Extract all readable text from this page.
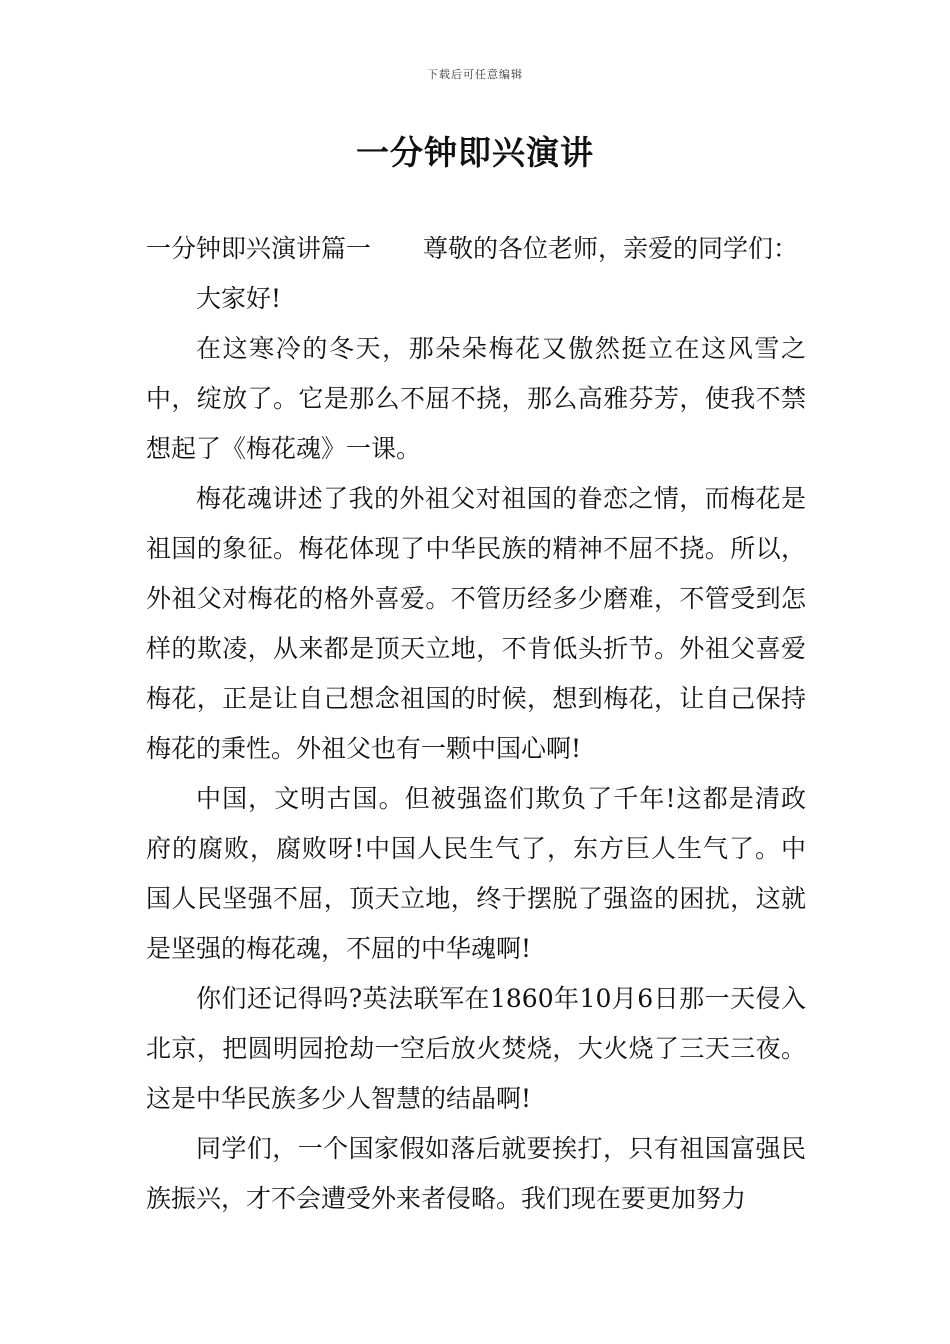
下载后可任意编辑
一分钟即兴演讲

一分钟即兴演讲篇一 尊敬的各位老师，亲爱的同学们：

大家好!

在这寒冷的冬天，那朵朵梅花又傲然挺立在这风雪之中，绽放了。它是那么不屈不挠，那么高雅芬芳，使我不禁想起了《梅花魂》一课。

梅花魂讲述了我的外祖父对祖国的眷恋之情，而梅花是祖国的象征。梅花体现了中华民族的精神不屈不挠。所以，外祖父对梅花的格外喜爱。不管历经多少磨难，不管受到怎样的欺凌，从来都是顶天立地，不肯低头折节。外祖父喜爱梅花，正是让自己想念祖国的时候，想到梅花，让自己保持梅花的秉性。外祖父也有一颗中国心啊!

中国，文明古国。但被强盗们欺负了千年!这都是清政府的腐败，腐败呀!中国人民生气了，东方巨人生气了。中国人民坚强不屈，顶天立地，终于摆脱了强盗的困扰，这就是坚强的梅花魂，不屈的中华魂啊!

你们还记得吗?英法联军在1860年10月6日那一天侵入北京，把圆明园抢劫一空后放火焚烧，大火烧了三天三夜。这是中华民族多少人智慧的结晶啊!

同学们，一个国家假如落后就要挨打，只有祖国富强民族振兴，才不会遭受外来者侵略。我们现在要更加努力
